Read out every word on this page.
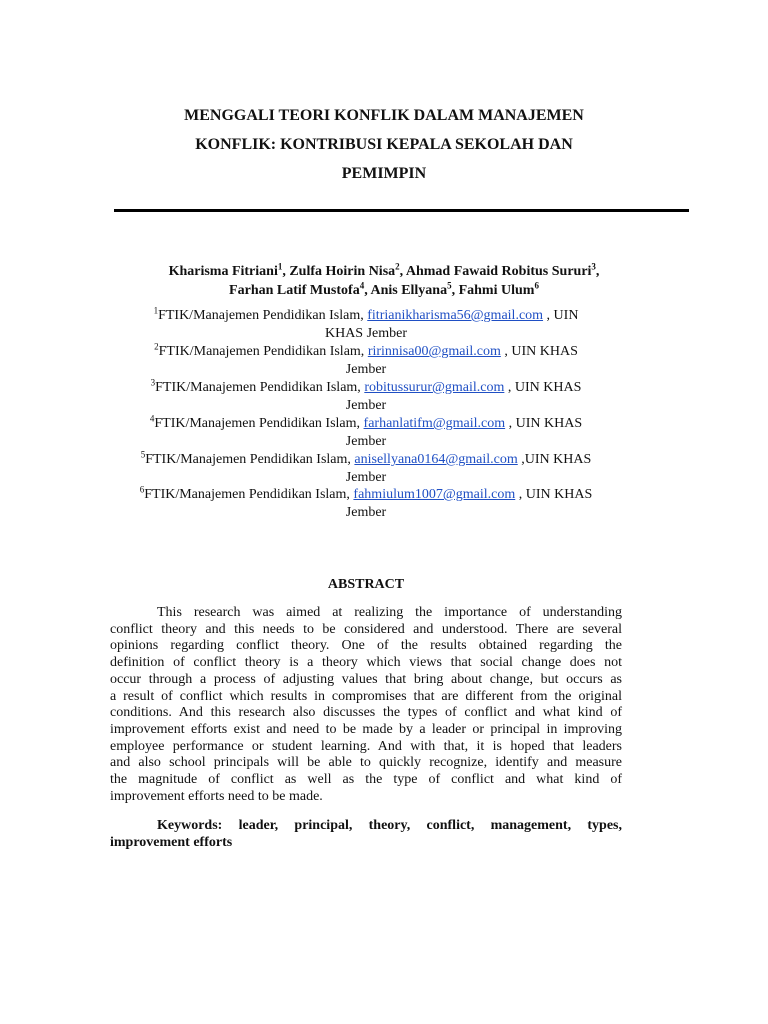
MENGGALI TEORI KONFLIK DALAM MANAJEMEN
KONFLIK: KONTRIBUSI KEPALA SEKOLAH DAN
PEMIMPIN
Kharisma Fitriani$^1$, Zulfa Hoirin Nisa$^2$, Ahmad Fawaid Robitus Sururi$^3$,
Farhan Latif Mustofa$^4$, Anis Ellyana$^5$, Fahmi Ulum$^6$
$^1$FTIK/Manajemen Pendidikan Islam, fitrianikharisma56@gmail.com , UIN
KHAS Jember
$^2$FTIK/Manajemen Pendidikan Islam, ririnnisa00@gmail.com , UIN KHAS
Jember
$^3$FTIK/Manajemen Pendidikan Islam, robitussurur@gmail.com , UIN KHAS
Jember
$^4$FTIK/Manajemen Pendidikan Islam, farhanlatifm@gmail.com , UIN KHAS
Jember
$^5$FTIK/Manajemen Pendidikan Islam, anisellyana0164@gmail.com ,UIN KHAS
Jember
$^6$FTIK/Manajemen Pendidikan Islam, fahmiulum1007@gmail.com , UIN KHAS
Jember
ABSTRACT
This research was aimed at realizing the importance of understanding
conflict theory and this needs to be considered and understood. There are several
opinions regarding conflict theory. One of the results obtained regarding the
definition of conflict theory is a theory which views that social change does not
occur through a process of adjusting values that bring about change, but occurs as
a result of conflict which results in compromises that are different from the original
conditions. And this research also discusses the types of conflict and what kind of
improvement efforts exist and need to be made by a leader or principal in improving
employee performance or student learning. And with that, it is hoped that leaders
and also school principals will be able to quickly recognize, identify and measure
the magnitude of conflict as well as the type of conflict and what kind of
improvement efforts need to be made.
Keywords: leader, principal, theory, conflict, management, types,
improvement efforts
